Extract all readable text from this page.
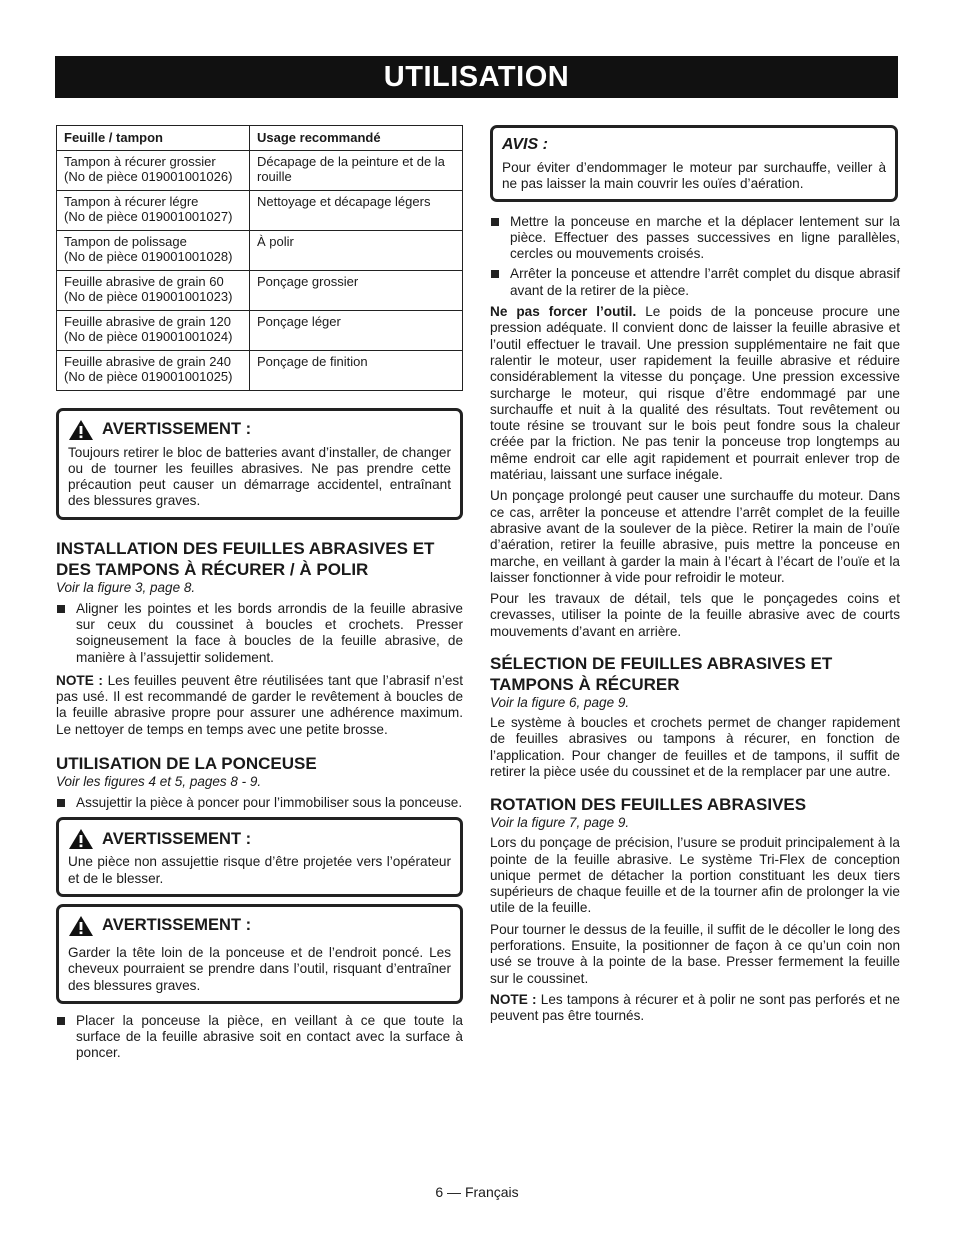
UTILISATION
Feuille / tampon	Usage recommandé
Tampon à récurer grossier
(No de pièce 019001001026)	Décapage de la peinture et de la rouille
Tampon à récurer légre
(No de pièce 019001001027)	Nettoyage et décapage légers
Tampon de polissage
(No de pièce 019001001028)	À polir
Feuille abrasive de grain 60
(No de pièce 019001001023)	Ponçage grossier
Feuille abrasive de grain 120
(No de pièce 019001001024)	Ponçage léger
Feuille abrasive de grain 240
(No de pièce 019001001025)	Ponçage de finition
AVERTISSEMENT :
Toujours retirer le bloc de batteries avant d’installer, de changer ou de tourner les feuilles abrasives. Ne pas prendre cette précaution peut causer un démarrage accidentel, entraînant des blessures graves.
INSTALLATION DES FEUILLES ABRASIVES ET DES TAMPONS À RÉCURER / À POLIR
Voir la figure 3, page 8.
Aligner les pointes et les bords arrondis de la feuille abrasive sur ceux du coussinet à boucles et crochets. Presser soigneusement la face à boucles de la feuille abrasive, de manière à l’assujettir solidement.

NOTE : Les feuilles peuvent être réutilisées tant que l’abrasif n’est pas usé. Il est recommandé de garder le revêtement à boucles de la feuille abrasive propre pour assurer une adhérence maximum. Le nettoyer de temps en temps avec une petite brosse.

UTILISATION DE LA PONCEUSE
Voir les figures 4 et 5, pages 8 - 9.
Assujettir la pièce à poncer pour l’immobiliser sous la ponceuse.
AVERTISSEMENT :
Une pièce non assujettie risque d’être projetée vers l’opérateur et de le blesser.
AVERTISSEMENT :
Garder la tête loin de la ponceuse et de l’endroit poncé. Les cheveux pourraient se prendre dans l’outil, risquant d’entraîner des blessures graves.
Placer la ponceuse la pièce, en veillant à ce que toute la surface de la feuille abrasive soit en contact avec la surface à poncer.
AVIS :
Pour éviter d’endommager le moteur par surchauffe, veiller à ne pas laisser la main couvrir les ouïes d’aération.
Mettre la ponceuse en marche et la déplacer lentement sur la pièce. Effectuer des passes successives en ligne parallèles, cercles ou mouvements croisés.
Arrêter la ponceuse et attendre l’arrêt complet du disque abrasif avant de la retirer de la pièce.

Ne pas forcer l’outil. Le poids de la ponceuse procure une pression adéquate. Il convient donc de laisser la feuille abrasive et l’outil effectuer le travail. Une pression supplémentaire ne fait que ralentir le moteur, user rapidement la feuille abrasive et réduire considérablement la vitesse du ponçage. Une pression excessive surcharge le moteur, qui risque d’être endommagé par une surchauffe et nuit à la qualité des résultats. Tout revêtement ou toute résine se trouvant sur le bois peut fondre sous la chaleur créée par la friction. Ne pas tenir la ponceuse trop longtemps au même endroit car elle agit rapidement et pourrait enlever trop de matériau, laissant une surface inégale.

Un ponçage prolongé peut causer une surchauffe du moteur. Dans ce cas, arrêter la ponceuse et attendre l’arrêt complet de la feuille abrasive avant de la soulever de la pièce. Retirer la main de l’ouïe d’aération, retirer la feuille abrasive, puis mettre la ponceuse en marche, en veillant à garder la main à l’écart à l’écart de l’ouïe et la laisser fonctionner à vide pour refroidir le moteur.

Pour les travaux de détail, tels que le ponçagedes coins et crevasses, utiliser la pointe de la feuille abrasive avec de courts mouvements d’avant en arrière.

SÉLECTION DE FEUILLES ABRASIVES ET TAMPONS À RÉCURER
Voir la figure 6, page 9.

Le système à boucles et crochets permet de changer rapidement de feuilles abrasives ou tampons à récurer, en fonction de l’application. Pour changer de feuilles et de tampons, il suffit de retirer la pièce usée du coussinet et de la remplacer par une autre.

ROTATION DES FEUILLES ABRASIVES
Voir la figure 7, page 9.

Lors du ponçage de précision, l’usure se produit principalement à la pointe de la feuille abrasive. Le système Tri-Flex de conception unique permet de détacher la portion constituant les deux tiers supérieurs de chaque feuille et de la tourner afin de prolonger la vie utile de la feuille.

Pour tourner le dessus de la feuille, il suffit de le décoller le long des perforations. Ensuite, la positionner de façon à ce qu’un coin non usé se trouve à la pointe de la base. Presser fermement la feuille sur le coussinet.

NOTE : Les tampons à récurer et à polir ne sont pas perforés et ne peuvent pas être tournés.

6 — Français
